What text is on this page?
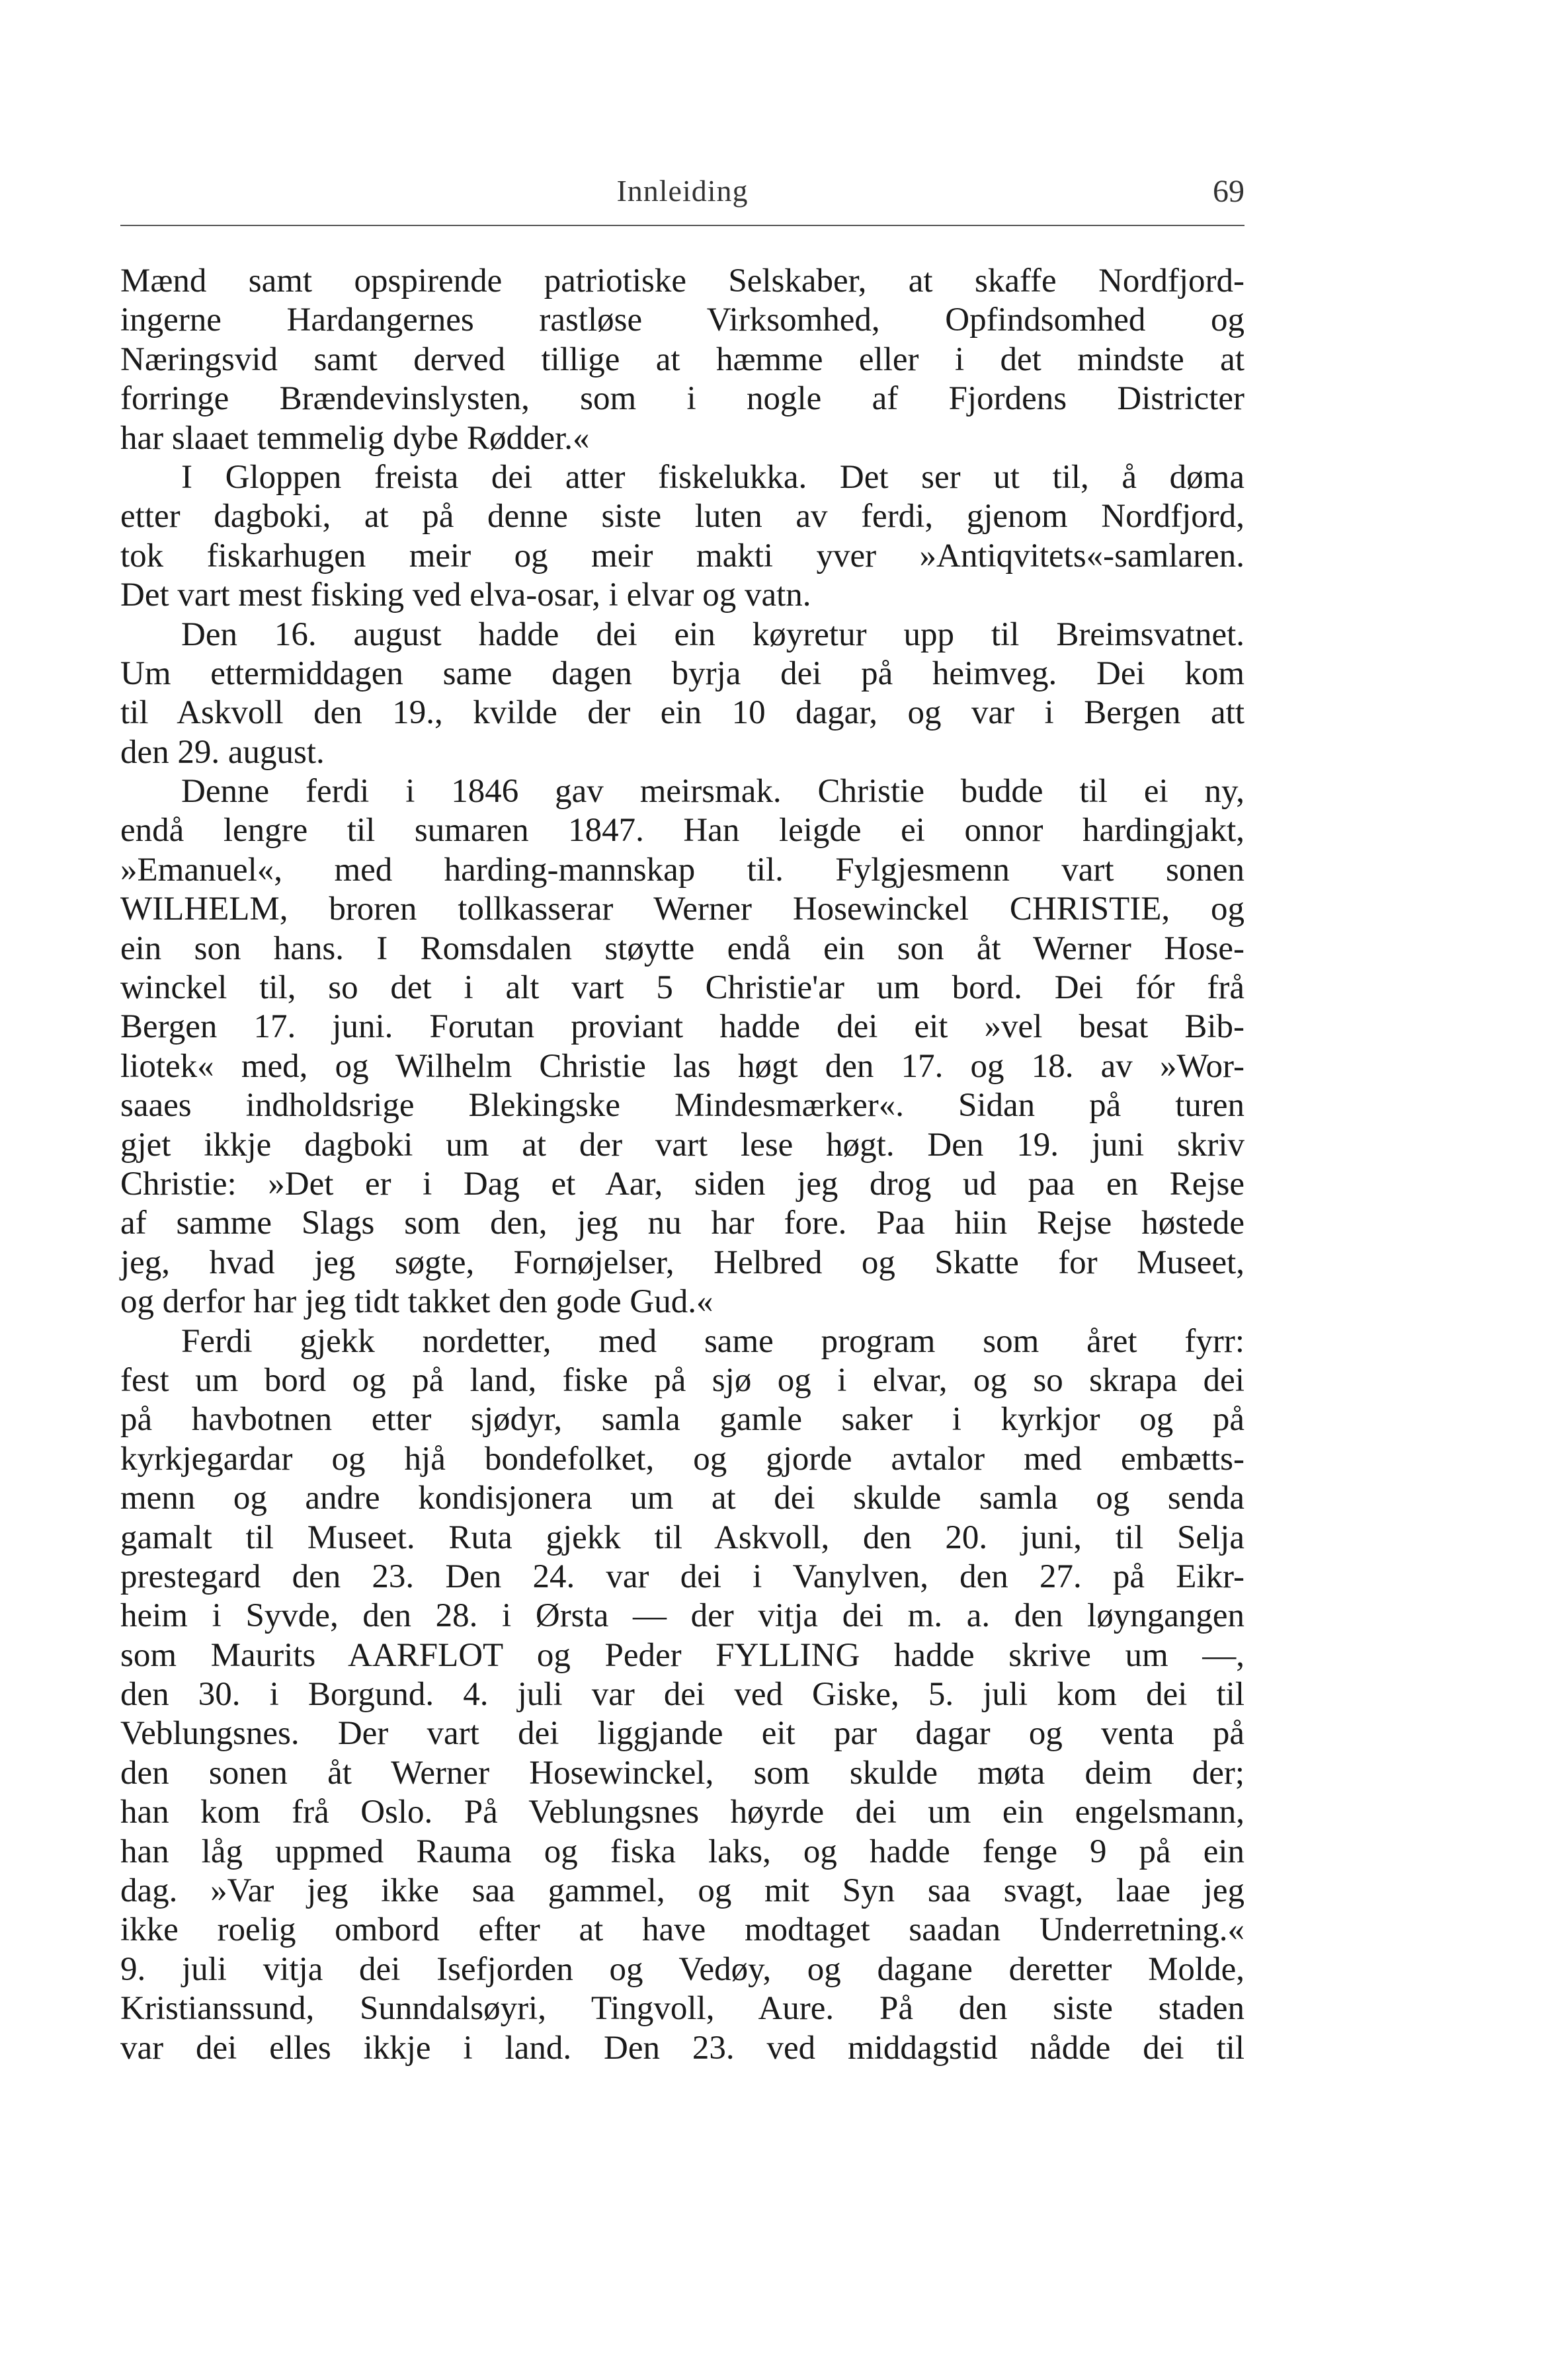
Innleiding	69
Mænd samt opspirende patriotiske Selskaber, at skaffe Nordfjord-
ingerne Hardangernes rastløse Virksomhed, Opfindsomhed og
Næringsvid samt derved tillige at hæmme eller i det mindste at
forringe Brændevinslysten, som i nogle af Fjordens Districter
har slaaet temmelig dybe Rødder.«
I Gloppen freista dei atter fiskelukka. Det ser ut til, å døma
etter dagboki, at på denne siste luten av ferdi, gjenom Nordfjord,
tok fiskarhugen meir og meir makti yver »Antiqvitets«-samlaren.
Det vart mest fisking ved elva-osar, i elvar og vatn.
Den 16. august hadde dei ein køyretur upp til Breimsvatnet.
Um ettermiddagen same dagen byrja dei på heimveg. Dei kom
til Askvoll den 19., kvilde der ein 10 dagar, og var i Bergen att
den 29. august.
Denne ferdi i 1846 gav meirsmak. Christie budde til ei ny,
endå lengre til sumaren 1847. Han leigde ei onnor hardingjakt,
»Emanuel«, med harding-mannskap til. Fylgjesmenn vart sonen
WILHELM, broren tollkasserar Werner Hosewinckel CHRISTIE, og
ein son hans. I Romsdalen støytte endå ein son åt Werner Hose-
winckel til, so det i alt vart 5 Christie'ar um bord. Dei fór frå
Bergen 17. juni. Forutan proviant hadde dei eit »vel besat Bib-
liotek« med, og Wilhelm Christie las høgt den 17. og 18. av »Wor-
saaes indholdsrige Blekingske Mindesmærker«. Sidan på turen
gjet ikkje dagboki um at der vart lese høgt. Den 19. juni skriv
Christie: »Det er i Dag et Aar, siden jeg drog ud paa en Rejse
af samme Slags som den, jeg nu har fore. Paa hiin Rejse høstede
jeg, hvad jeg søgte, Fornøjelser, Helbred og Skatte for Museet,
og derfor har jeg tidt takket den gode Gud.«
Ferdi gjekk nordetter, med same program som året fyrr:
fest um bord og på land, fiske på sjø og i elvar, og so skrapa dei
på havbotnen etter sjødyr, samla gamle saker i kyrkjor og på
kyrkjegardar og hjå bondefolket, og gjorde avtalor med embætts-
menn og andre kondisjonera um at dei skulde samla og senda
gamalt til Museet. Ruta gjekk til Askvoll, den 20. juni, til Selja
prestegard den 23. Den 24. var dei i Vanylven, den 27. på Eikr-
heim i Syvde, den 28. i Ørsta — der vitja dei m. a. den løyngangen
som Maurits AARFLOT og Peder FYLLING hadde skrive um —,
den 30. i Borgund. 4. juli var dei ved Giske, 5. juli kom dei til
Veblungsnes. Der vart dei liggjande eit par dagar og venta på
den sonen åt Werner Hosewinckel, som skulde møta deim der;
han kom frå Oslo. På Veblungsnes høyrde dei um ein engelsmann,
han låg uppmed Rauma og fiska laks, og hadde fenge 9 på ein
dag. »Var jeg ikke saa gammel, og mit Syn saa svagt, laae jeg
ikke roelig ombord efter at have modtaget saadan Underretning.«
9. juli vitja dei Isefjorden og Vedøy, og dagane deretter Molde,
Kristianssund, Sunndalsøyri, Tingvoll, Aure. På den siste staden
var dei elles ikkje i land. Den 23. ved middagstid nådde dei til
